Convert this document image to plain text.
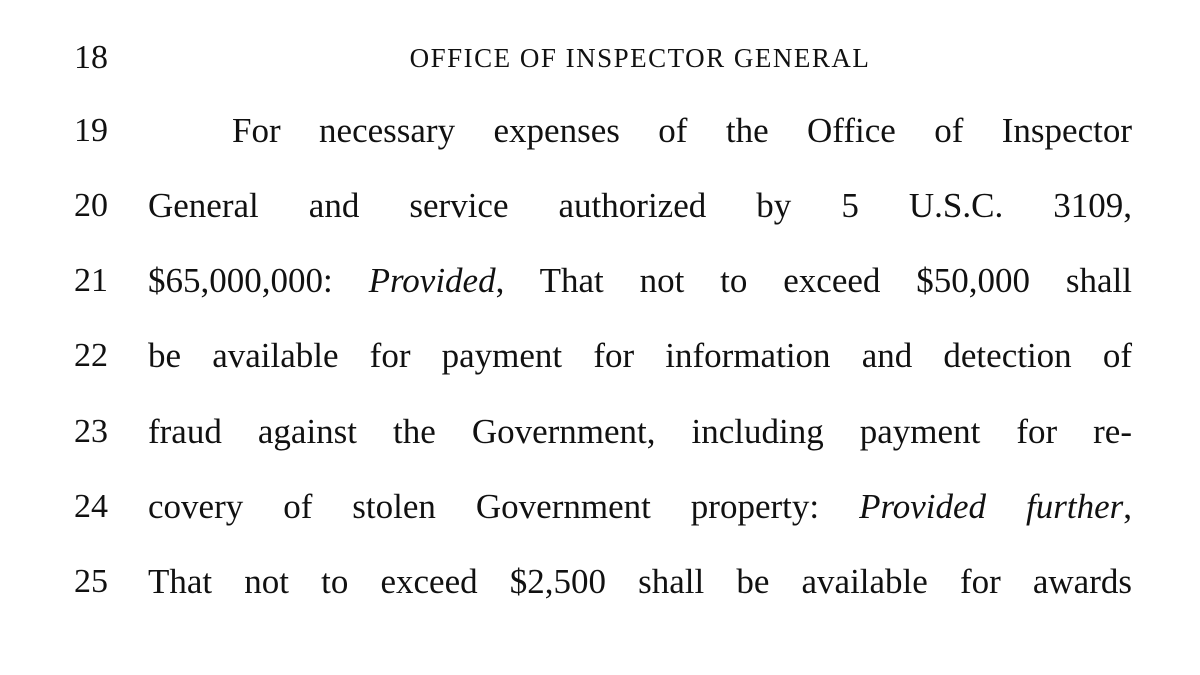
18	OFFICE OF INSPECTOR GENERAL
19	For necessary expenses of the Office of Inspector
20 General and service authorized by 5 U.S.C. 3109,
21 $65,000,000: Provided, That not to exceed $50,000 shall
22 be available for payment for information and detection of
23 fraud against the Government, including payment for re-
24 covery of stolen Government property: Provided further,
25 That not to exceed $2,500 shall be available for awards
